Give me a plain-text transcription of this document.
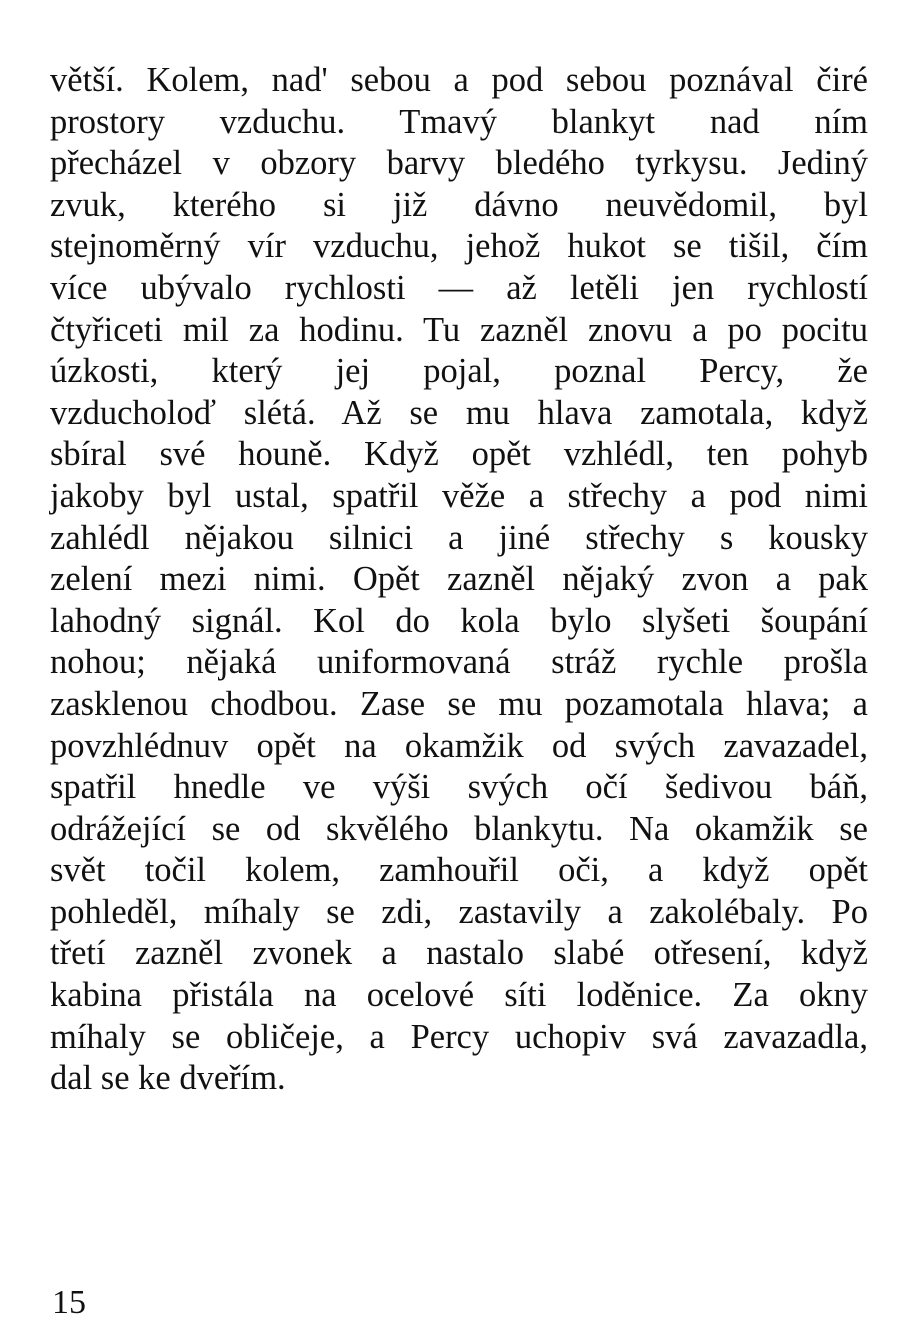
větší. Kolem, nad' sebou a pod sebou poznával čiré
prostory vzduchu. Tmavý blankyt nad ním
přecházel v obzory barvy bledého tyrkysu. Jediný
zvuk, kterého si již dávno neuvědomil, byl
stejnoměrný vír vzduchu, jehož hukot se tišil, čím
více ubývalo rychlosti — až letěli jen rychlostí
čtyřiceti mil za hodinu. Tu zazněl znovu a po pocitu
úzkosti, který jej pojal, poznal Percy, že
vzducholoď slétá. Až se mu hlava zamotala, když
sbíral své houně. Když opět vzhlédl, ten pohyb
jakoby byl ustal, spatřil věže a střechy a pod nimi
zahlédl nějakou silnici a jiné střechy s kousky
zelení mezi nimi. Opět zazněl nějaký zvon a pak
lahodný signál. Kol do kola bylo slyšeti šoupání
nohou; nějaká uniformovaná stráž rychle prošla
zasklenou chodbou. Zase se mu pozamotala hlava; a
povzhlédnuv opět na okamžik od svých zavazadel,
spatřil hnedle ve výši svých očí šedivou báň,
odrážející se od skvělého blankytu. Na okamžik se
svět točil kolem, zamhouřil oči, a když opět
pohleděl, míhaly se zdi, zastavily a zakolébaly. Po
třetí zazněl zvonek a nastalo slabé otřesení, když
kabina přistála na ocelové síti loděnice. Za okny
míhaly se obličeje, a Percy uchopiv svá zavazadla,
dal se ke dveřím.
15
